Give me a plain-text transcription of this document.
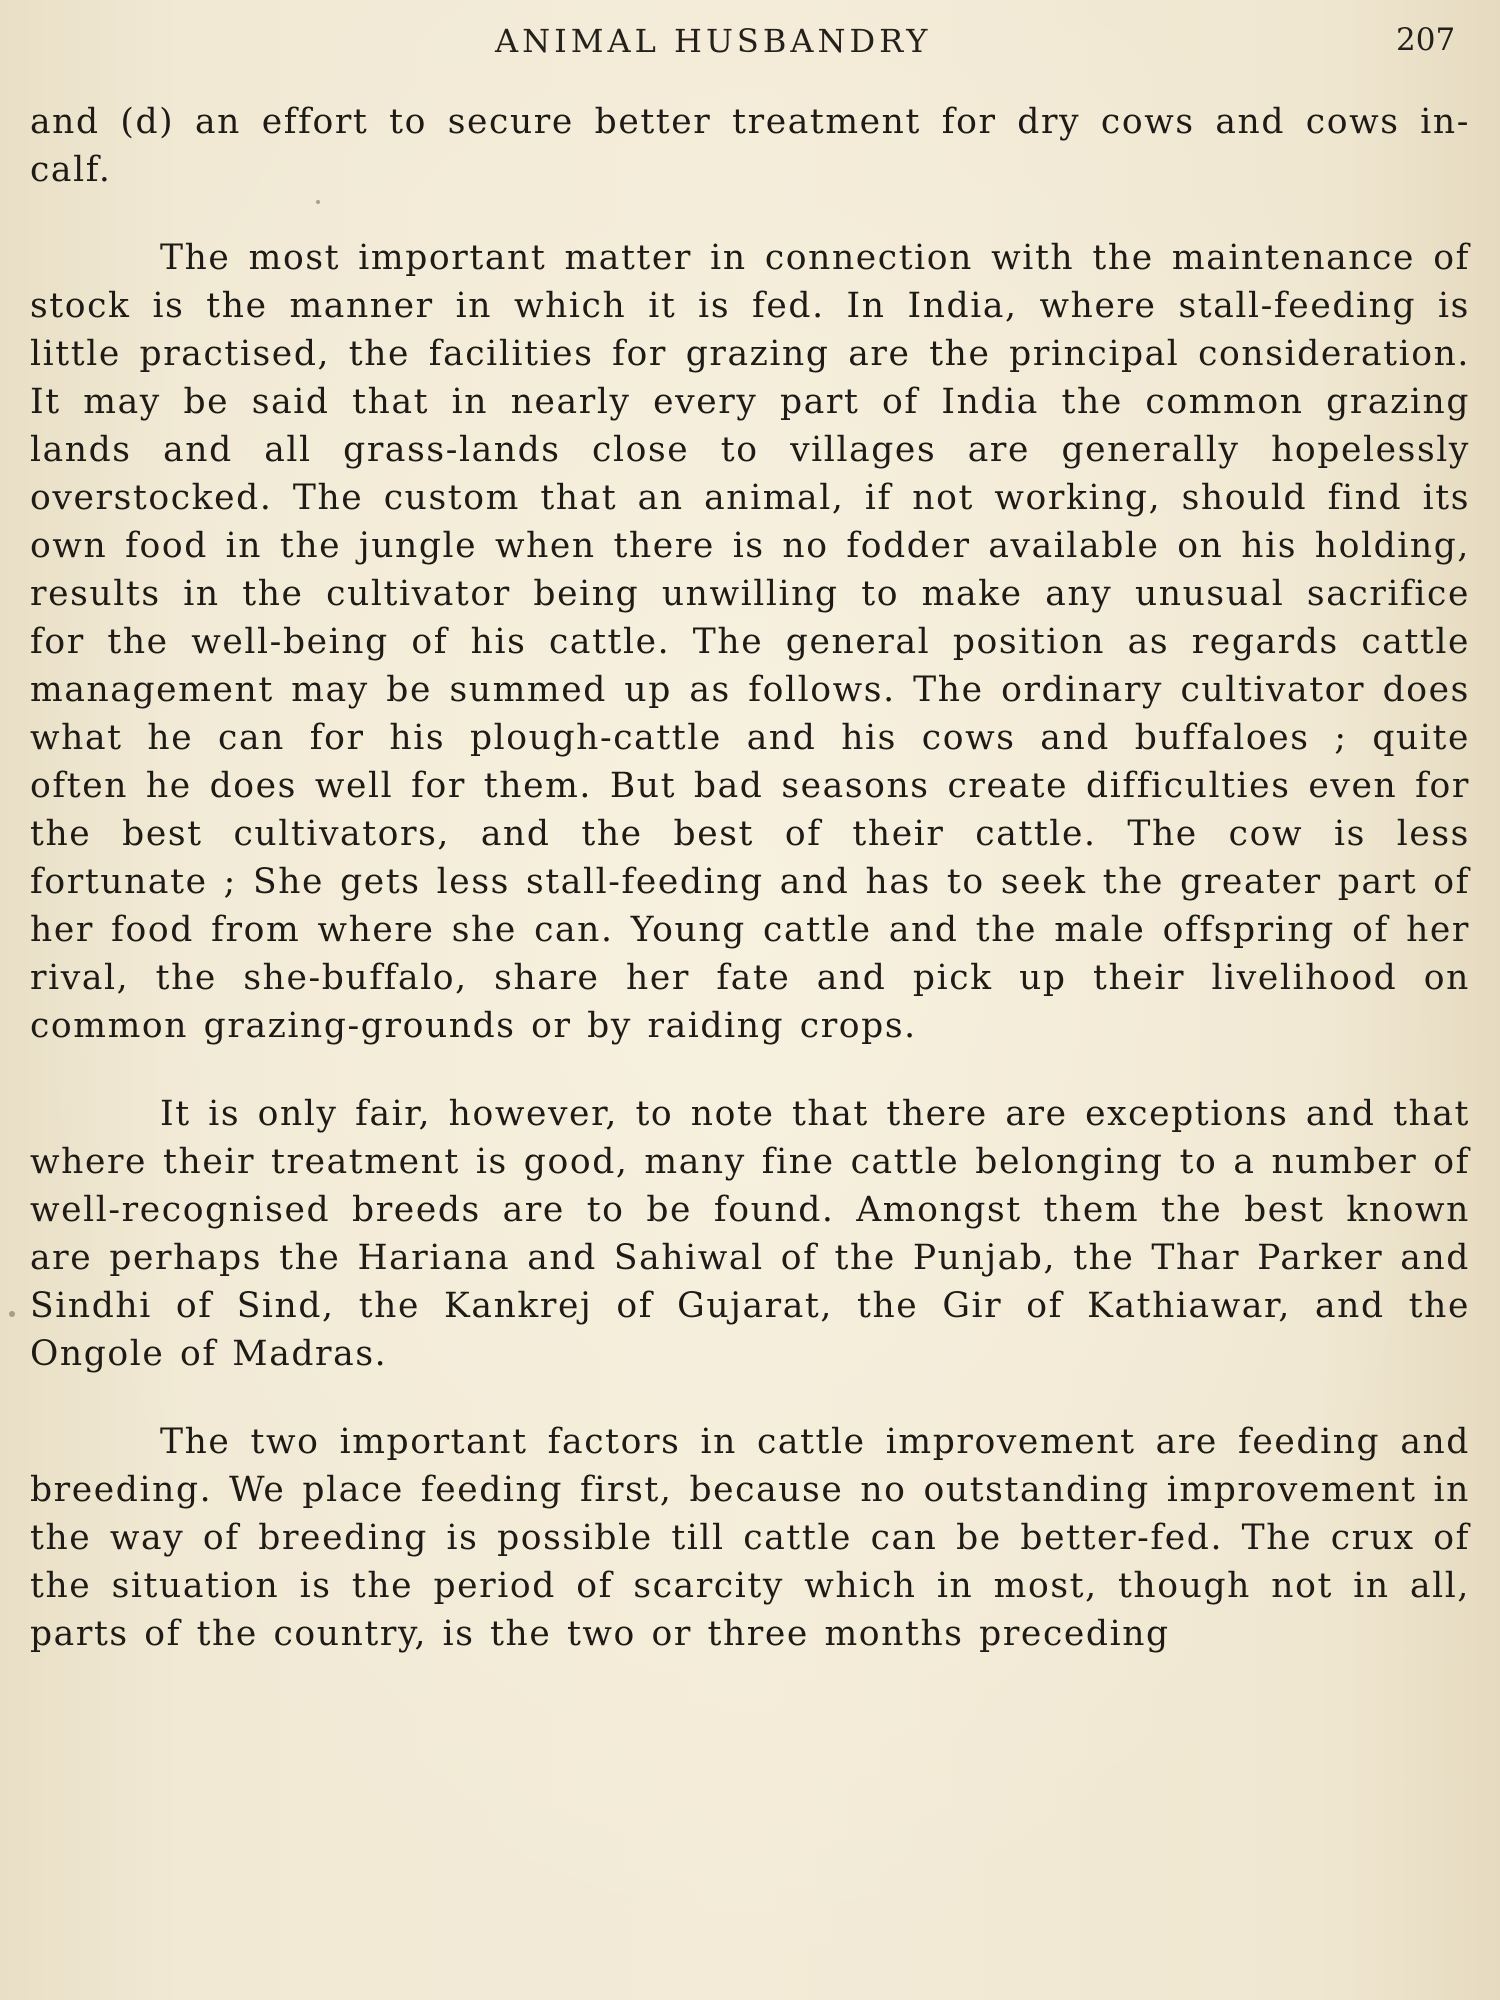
ANIMAL HUSBANDRY	207

and (d) an effort to secure better treatment for dry cows and cows in-calf.

The most important matter in connection with the maintenance of stock is the manner in which it is fed. In India, where stall-feeding is little practised, the facilities for grazing are the principal consideration. It may be said that in nearly every part of India the common grazing lands and all grass-lands close to villages are generally hopelessly overstocked. The custom that an animal, if not working, should find its own food in the jungle when there is no fodder available on his holding, results in the cultivator being unwilling to make any unusual sacrifice for the well-being of his cattle. The general position as regards cattle management may be summed up as follows. The ordinary cultivator does what he can for his plough-cattle and his cows and buffaloes ; quite often he does well for them. But bad seasons create difficulties even for the best cultivators, and the best of their cattle. The cow is less fortunate ; She gets less stall-feeding and has to seek the greater part of her food from where she can. Young cattle and the male offspring of her rival, the she-buffalo, share her fate and pick up their livelihood on common grazing-grounds or by raiding crops.

It is only fair, however, to note that there are exceptions and that where their treatment is good, many fine cattle belonging to a number of well-recognised breeds are to be found. Amongst them the best known are perhaps the Hariana and Sahiwal of the Punjab, the Thar Parker and Sindhi of Sind, the Kankrej of Gujarat, the Gir of Kathiawar, and the Ongole of Madras.

The two important factors in cattle improvement are feeding and breeding. We place feeding first, because no outstanding improvement in the way of breeding is possible till cattle can be better-fed. The crux of the situation is the period of scarcity which in most, though not in all, parts of the country, is the two or three months preceding
